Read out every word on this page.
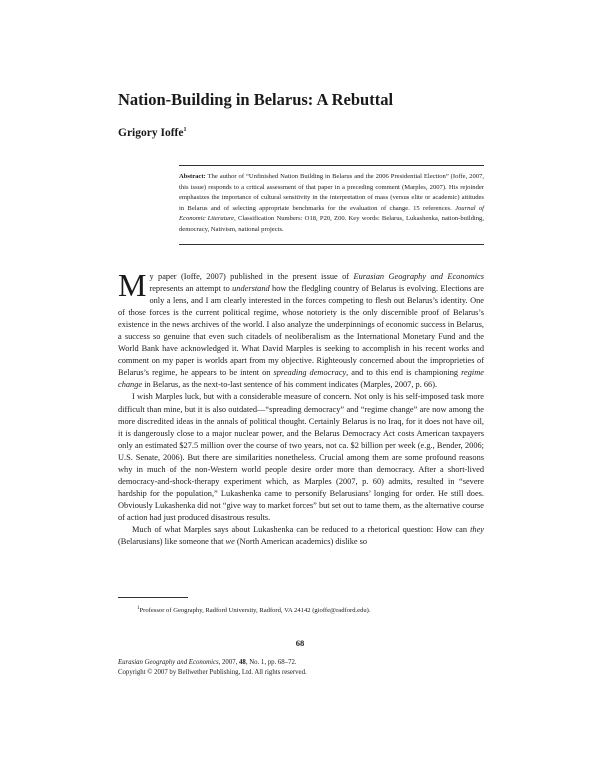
Nation-Building in Belarus: A Rebuttal
Grigory Ioffe$^1$
Abstract: The author of “Unfinished Nation Building in Belarus and the 2006 Presidential Election” (Ioffe, 2007, this issue) responds to a critical assessment of that paper in a preceding comment (Marples, 2007). His rejoinder emphasizes the importance of cultural sensitivity in the interpretation of mass (versus elite or academic) attitudes in Belarus and of selecting appropriate benchmarks for the evaluation of change. 15 references. Journal of Economic Literature, Classification Numbers: O18, P20, Z00. Key words: Belarus, Lukashenka, nation-building, democracy, Nativism, national projects.

My paper (Ioffe, 2007) published in the present issue of Eurasian Geography and Economics represents an attempt to understand how the fledgling country of Belarus is evolving. Elections are only a lens, and I am clearly interested in the forces competing to flesh out Belarus’s identity. One of those forces is the current political regime, whose notoriety is the only discernible proof of Belarus’s existence in the news archives of the world. I also analyze the underpinnings of economic success in Belarus, a success so genuine that even such citadels of neoliberalism as the International Monetary Fund and the World Bank have acknowledged it. What David Marples is seeking to accomplish in his recent works and comment on my paper is worlds apart from my objective. Righteously concerned about the improprieties of Belarus’s regime, he appears to be intent on spreading democracy, and to this end is championing regime change in Belarus, as the next-to-last sentence of his comment indicates (Marples, 2007, p. 66).

I wish Marples luck, but with a considerable measure of concern. Not only is his self-imposed task more difficult than mine, but it is also outdated—“spreading democracy” and “regime change” are now among the more discredited ideas in the annals of political thought. Certainly Belarus is no Iraq, for it does not have oil, it is dangerously close to a major nuclear power, and the Belarus Democracy Act costs American taxpayers only an estimated $27.5 million over the course of two years, not ca. $2 billion per week (e.g., Bender, 2006; U.S. Senate, 2006). But there are similarities nonetheless. Crucial among them are some profound reasons why in much of the non-Western world people desire order more than democracy. After a short-lived democracy-and-shock-therapy experiment which, as Marples (2007, p. 60) admits, resulted in “severe hardship for the population,” Lukashenka came to personify Belarusians’ longing for order. He still does. Obviously Lukashenka did not “give way to market forces” but set out to tame them, as the alternative course of action had just produced disastrous results.

Much of what Marples says about Lukashenka can be reduced to a rhetorical question: How can they (Belarusians) like someone that we (North American academics) dislike so

$^1$Professor of Geography, Radford University, Radford, VA 24142 (gioffe@radford.edu).
68
Eurasian Geography and Economics, 2007, 48, No. 1, pp. 68–72.
Copyright © 2007 by Bellwether Publishing, Ltd. All rights reserved.
